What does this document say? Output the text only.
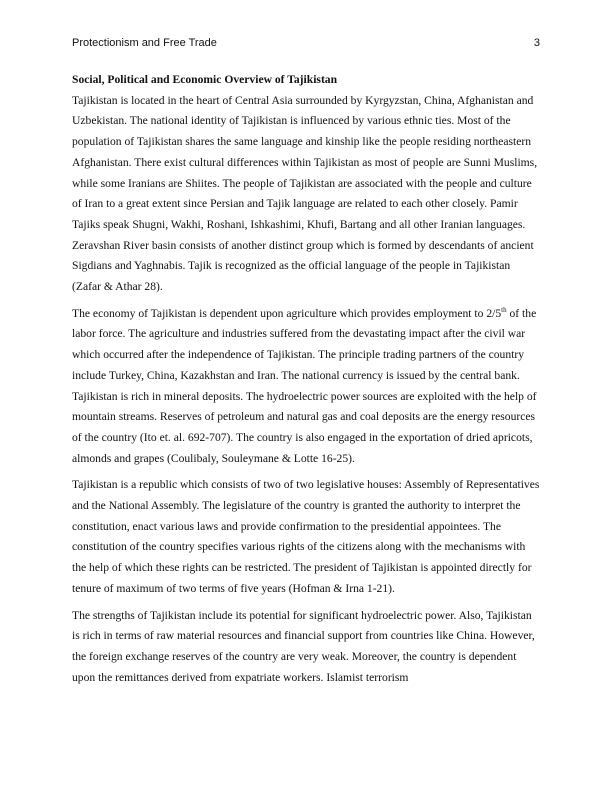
Protectionism and Free Trade	3

Social, Political and Economic Overview of Tajikistan

Tajikistan is located in the heart of Central Asia surrounded by Kyrgyzstan, China, Afghanistan and Uzbekistan. The national identity of Tajikistan is influenced by various ethnic ties. Most of the population of Tajikistan shares the same language and kinship like the people residing northeastern Afghanistan. There exist cultural differences within Tajikistan as most of people are Sunni Muslims, while some Iranians are Shiites. The people of Tajikistan are associated with the people and culture of Iran to a great extent since Persian and Tajik language are related to each other closely. Pamir Tajiks speak Shugni, Wakhi, Roshani, Ishkashimi, Khufi, Bartang and all other Iranian languages. Zeravshan River basin consists of another distinct group which is formed by descendants of ancient Sigdians and Yaghnabis. Tajik is recognized as the official language of the people in Tajikistan (Zafar & Athar 28).

The economy of Tajikistan is dependent upon agriculture which provides employment to 2/5th of the labor force. The agriculture and industries suffered from the devastating impact after the civil war which occurred after the independence of Tajikistan. The principle trading partners of the country include Turkey, China, Kazakhstan and Iran. The national currency is issued by the central bank. Tajikistan is rich in mineral deposits. The hydroelectric power sources are exploited with the help of mountain streams. Reserves of petroleum and natural gas and coal deposits are the energy resources of the country (Ito et. al. 692-707). The country is also engaged in the exportation of dried apricots, almonds and grapes (Coulibaly, Souleymane & Lotte 16-25).

Tajikistan is a republic which consists of two of two legislative houses: Assembly of Representatives and the National Assembly. The legislature of the country is granted the authority to interpret the constitution, enact various laws and provide confirmation to the presidential appointees. The constitution of the country specifies various rights of the citizens along with the mechanisms with the help of which these rights can be restricted. The president of Tajikistan is appointed directly for tenure of maximum of two terms of five years (Hofman & Irna 1-21).

The strengths of Tajikistan include its potential for significant hydroelectric power. Also, Tajikistan is rich in terms of raw material resources and financial support from countries like China. However, the foreign exchange reserves of the country are very weak. Moreover, the country is dependent upon the remittances derived from expatriate workers. Islamist terrorism
